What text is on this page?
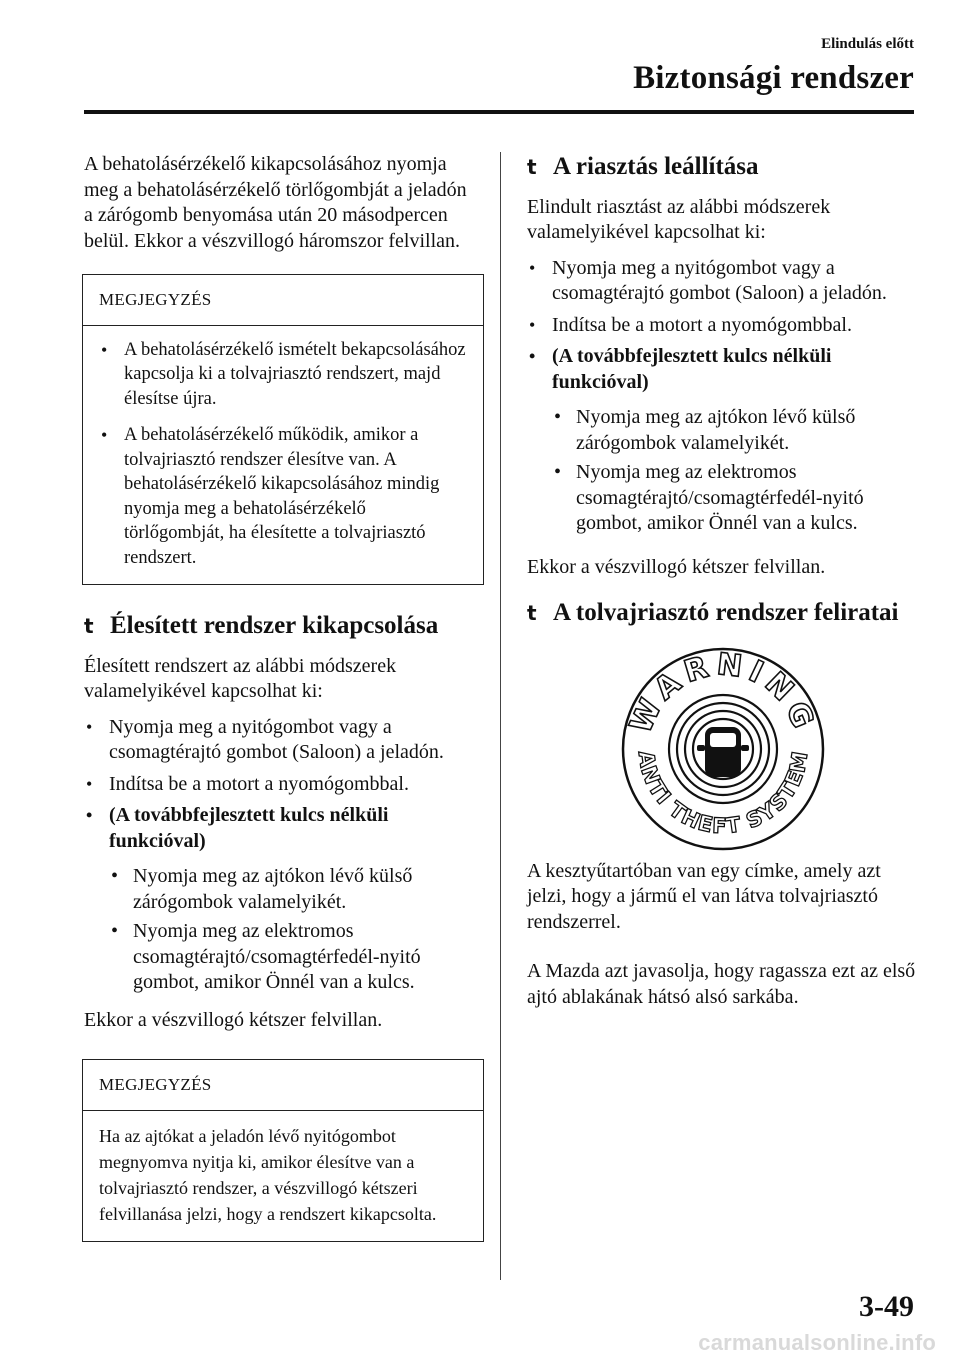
Elindulás előtt
Biztonsági rendszer

A behatolásérzékelő kikapcsolásához nyomja meg a behatolásérzékelő törlőgombját a jeladón a zárógomb benyomása után 20 másodpercen belül. Ekkor a vészvillogó háromszor felvillan.

MEGJEGYZÉS
• A behatolásérzékelő ismételt bekapcsolásához kapcsolja ki a tolvajriasztó rendszert, majd élesítse újra.
• A behatolásérzékelő működik, amikor a tolvajriasztó rendszer élesítve van. A behatolásérzékelő kikapcsolásához mindig nyomja meg a behatolásérzékelő törlőgombját, ha élesítette a tolvajriasztó rendszert.
t Élesített rendszer kikapcsolása

Élesített rendszert az alábbi módszerek valamelyikével kapcsolhat ki:

• Nyomja meg a nyitógombot vagy a csomagtérajtó gombot (Saloon) a jeladón.
• Indítsa be a motort a nyomógombbal.
• (A továbbfejlesztett kulcs nélküli funkcióval)
• Nyomja meg az ajtókon lévő külső zárógombok valamelyikét.
• Nyomja meg az elektromos csomagtérajtó/csomagtérfedél-nyitó gombot, amikor Önnél van a kulcs.

Ekkor a vészvillogó kétszer felvillan.

MEGJEGYZÉS
Ha az ajtókat a jeladón lévő nyitógombot megnyomva nyitja ki, amikor élesítve van a tolvajriasztó rendszer, a vészvillogó kétszeri felvillanása jelzi, hogy a rendszert kikapcsolta.
t A riasztás leállítása

Elindult riasztást az alábbi módszerek valamelyikével kapcsolhat ki:

• Nyomja meg a nyitógombot vagy a csomagtérajtó gombot (Saloon) a jeladón.
• Indítsa be a motort a nyomógombbal.
• (A továbbfejlesztett kulcs nélküli funkcióval)
• Nyomja meg az ajtókon lévő külső zárógombok valamelyikét.
• Nyomja meg az elektromos csomagtérajtó/csomagtérfedél-nyitó gombot, amikor Önnél van a kulcs.

Ekkor a vészvillogó kétszer felvillan.

t A tolvajriasztó rendszer feliratai
WARNING
ANTI THEFT SYSTEM

A kesztyűtartóban van egy címke, amely azt jelzi, hogy a jármű el van látva tolvajriasztó rendszerrel.

A Mazda azt javasolja, hogy ragassza ezt az első ajtó ablakának hátsó alsó sarkába.

3-49
carmanualsonline.info
